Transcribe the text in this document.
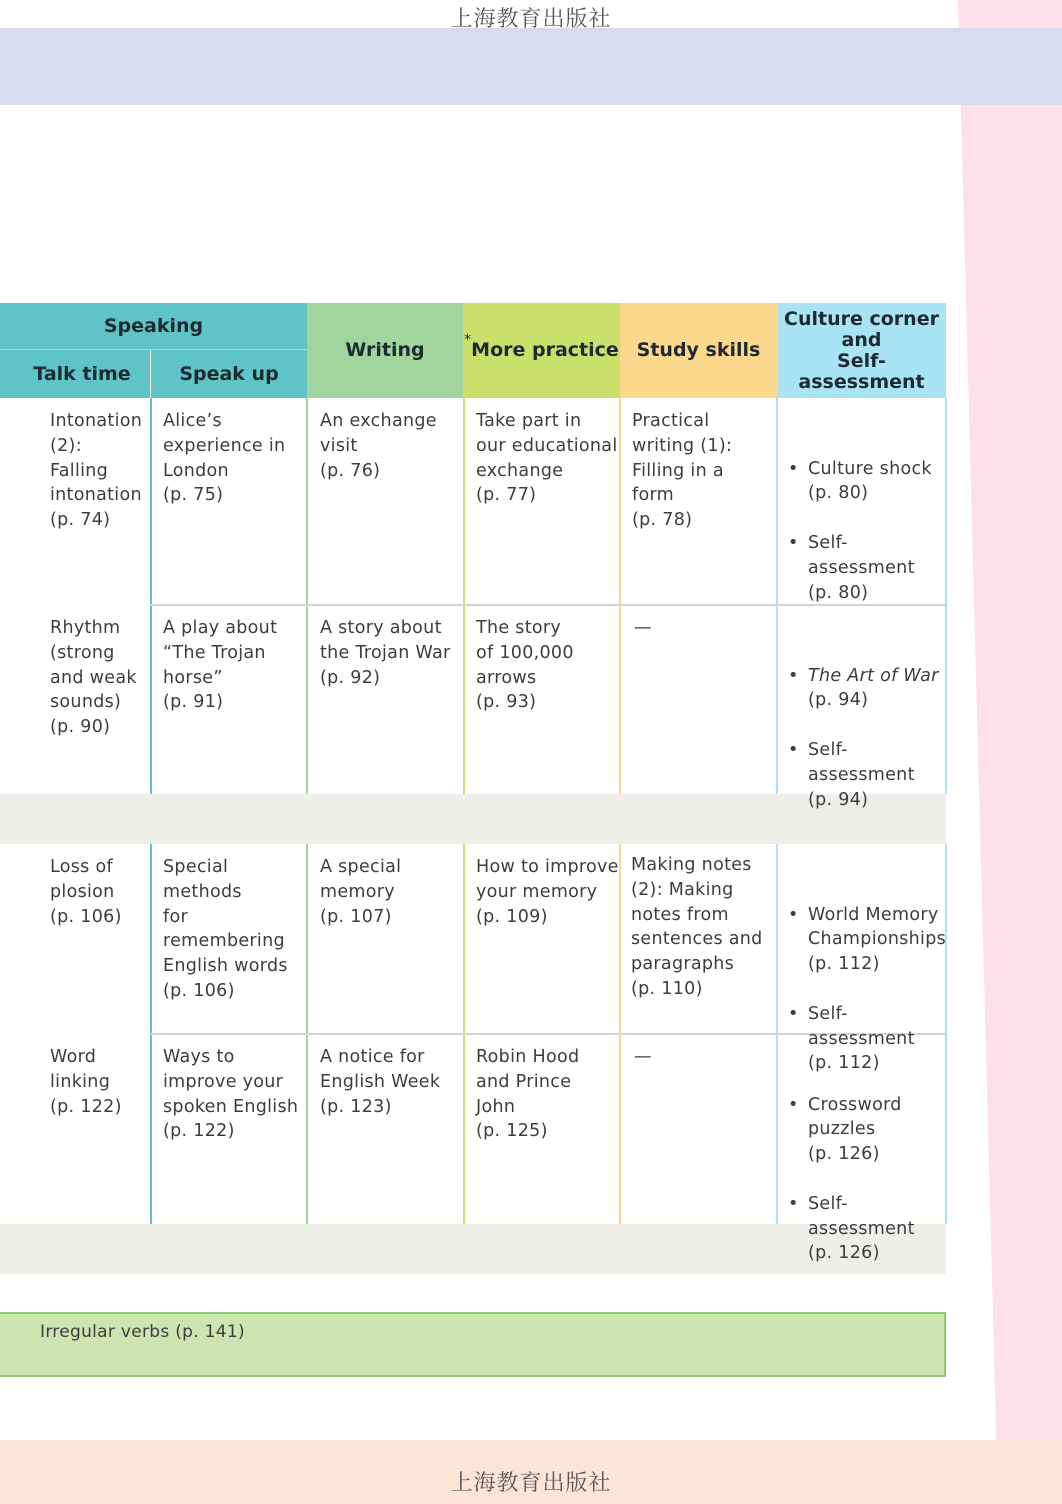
上海教育出版社
上海教育出版社
Speaking
Talk time	Speak up
Writing	* More practice Study skills
Culture corner
and
Self-assessment
Intonation
(2):
Falling
intonation
(p. 74)
Alice’s
experience in
London
(p. 75)
An exchange
visit
(p. 76)
Take part in
our educational
exchange
(p. 77)
Practical
writing (1):
Filling in a
form
(p. 78)

• Culture shock
(p. 80)

• Self-assessment
(p. 80)

Rhythm
(strong
and weak
sounds)
(p. 90)
A play about
“The Trojan
horse”
(p. 91)
A story about
the Trojan War
(p. 92)
The story
of 100,000
arrows
(p. 93)
—

• The Art of War
(p. 94)

• Self-assessment
(p. 94)

Loss of
plosion
(p. 106)
Special methods
for remembering
English words
(p. 106)
A special
memory
(p. 107)
How to improve
your memory
(p. 109)
Making notes
(2): Making
notes from
sentences and
paragraphs
(p. 110)

• World Memory
Championships
(p. 112)

• Self-assessment
(p. 112)

Word
linking
(p. 122)
Ways to
improve your
spoken English
(p. 122)
A notice for
English Week
(p. 123)
Robin Hood
and Prince
John
(p. 125)
—

• Crossword
puzzles
(p. 126)

• Self-assessment
(p. 126)

Irregular verbs (p. 141)
